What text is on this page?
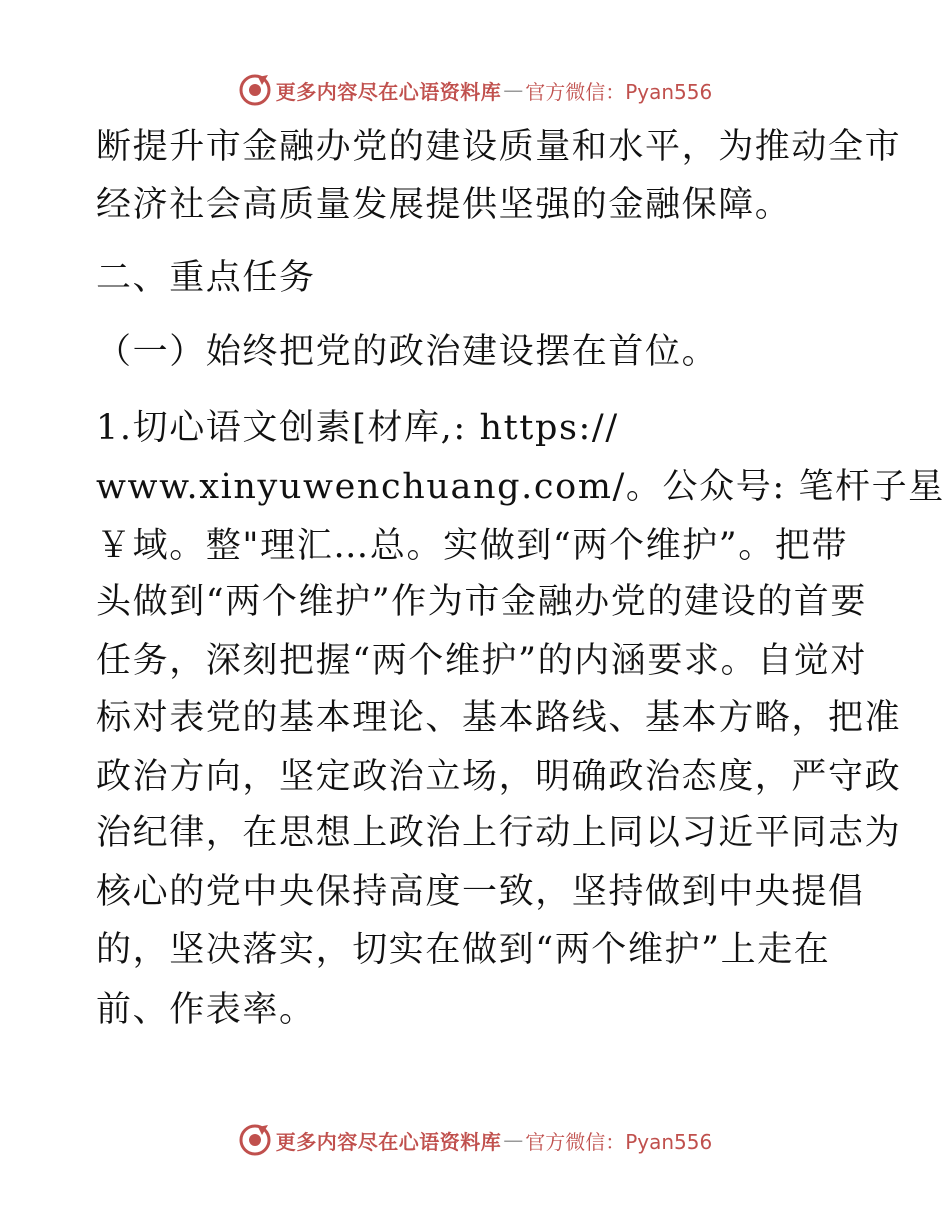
更多内容尽在心语资料库 — 官方微信：Pyan556
断提升市金融办党的建设质量和水平，为推动全市
经济社会高质量发展提供坚强的金融保障。
二、重点任务
（一）始终把党的政治建设摆在首位。
1.切心语文创素[材库,: https://
www.xinyuwenchuang.com/。公众号: 笔杆子星
￥域。整"理汇…总。实做到“两个维护”。把带
头做到“两个维护”作为市金融办党的建设的首要
任务，深刻把握“两个维护”的内涵要求。自觉对
标对表党的基本理论、基本路线、基本方略，把准
政治方向，坚定政治立场，明确政治态度，严守政
治纪律，在思想上政治上行动上同以习近平同志为
核心的党中央保持高度一致，坚持做到中央提倡
的，坚决落实，切实在做到“两个维护”上走在
前、作表率。
更多内容尽在心语资料库 — 官方微信：Pyan556
